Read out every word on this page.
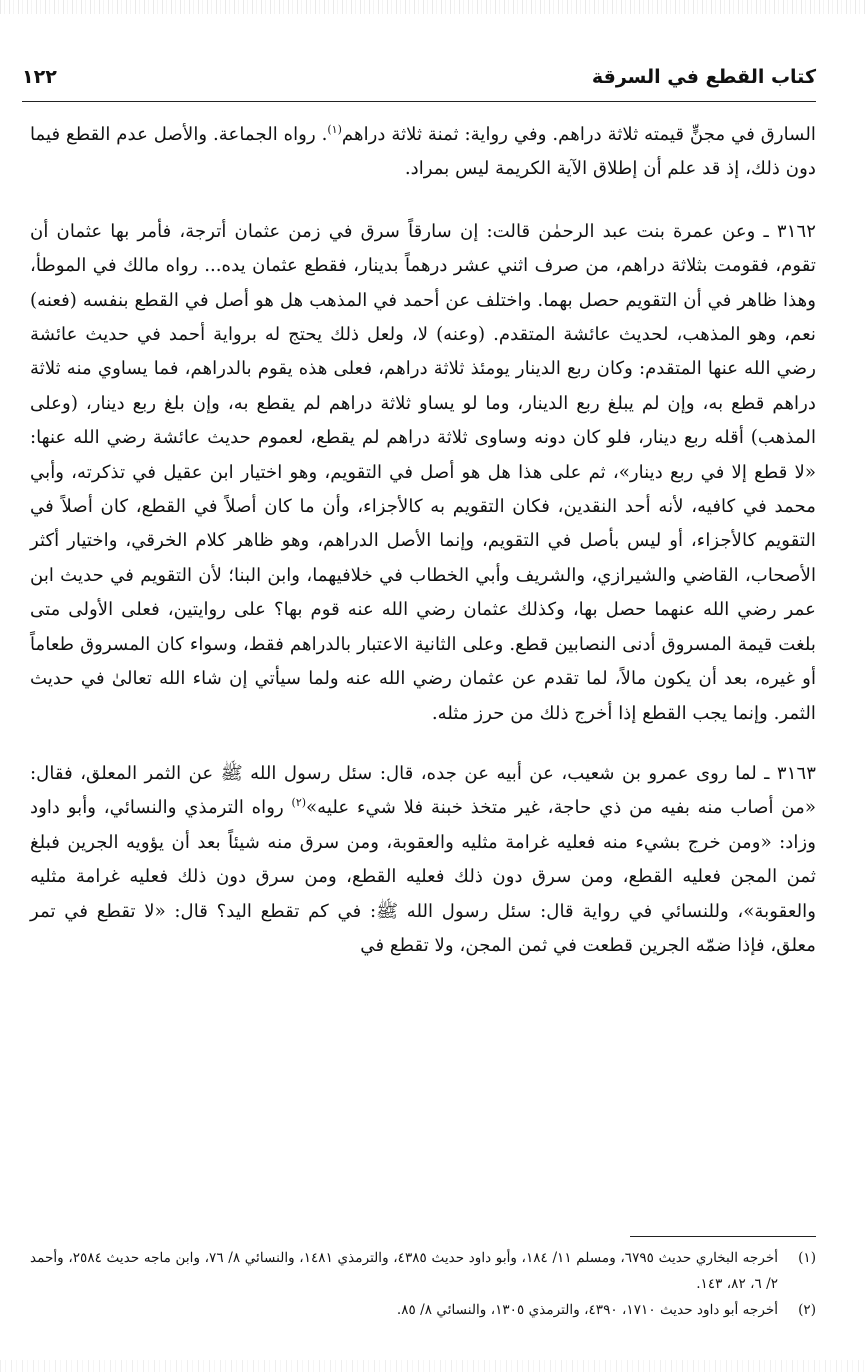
كتاب القطع في السرقة
١٢٢

السارق في مجنٍّ قيمته ثلاثة دراهم. وفي رواية: ثمنة ثلاثة دراهم$^{(١)}$. رواه الجماعة. والأصل عدم القطع فيما دون ذلك، إذ قد علم أن إطلاق الآية الكريمة ليس بمراد.

٣١٦٢ ـ وعن عمرة بنت عبد الرحمٰن قالت: إن سارقاً سرق في زمن عثمان أترجة، فأمر بها عثمان أن تقوم، فقومت بثلاثة دراهم، من صرف اثني عشر درهماً بدينار، فقطع عثمان يده... رواه مالك في الموطأ، وهذا ظاهر في أن التقويم حصل بهما. واختلف عن أحمد في المذهب هل هو أصل في القطع بنفسه (فعنه) نعم، وهو المذهب، لحديث عائشة المتقدم. (وعنه) لا، ولعل ذلك يحتج له برواية أحمد في حديث عائشة رضي الله عنها المتقدم: وكان ربع الدينار يومئذ ثلاثة دراهم، فعلى هذه يقوم بالدراهم، فما يساوي منه ثلاثة دراهم قطع به، وإن لم يبلغ ربع الدينار، وما لو يساو ثلاثة دراهم لم يقطع به، وإن بلغ ربع دينار، (وعلى المذهب) أقله ربع دينار، فلو كان دونه وساوى ثلاثة دراهم لم يقطع، لعموم حديث عائشة رضي الله عنها: «لا قطع إلا في ربع دينار»، ثم على هذا هل هو أصل في التقويم، وهو اختيار ابن عقيل في تذكرته، وأبي محمد في كافيه، لأنه أحد النقدين، فكان التقويم به كالأجزاء، وأن ما كان أصلاً في القطع، كان أصلاً في التقويم كالأجزاء، أو ليس بأصل في التقويم، وإنما الأصل الدراهم، وهو ظاهر كلام الخرقي، واختيار أكثر الأصحاب، القاضي والشيرازي، والشريف وأبي الخطاب في خلافيهما، وابن البنا؛ لأن التقويم في حديث ابن عمر رضي الله عنهما حصل بها، وكذلك عثمان رضي الله عنه قوم بها؟ على روايتين، فعلى الأولى متى بلغت قيمة المسروق أدنى النصابين قطع. وعلى الثانية الاعتبار بالدراهم فقط، وسواء كان المسروق طعاماً أو غيره، بعد أن يكون مالاً، لما تقدم عن عثمان رضي الله عنه ولما سيأتي إن شاء الله تعالىٰ في حديث الثمر. وإنما يجب القطع إذا أخرج ذلك من حرز مثله.

٣١٦٣ ـ لما روى عمرو بن شعيب، عن أبيه عن جده، قال: سئل رسول الله ﷺ عن الثمر المعلق، فقال: «من أصاب منه بفيه من ذي حاجة، غير متخذ خبنة فلا شيء عليه»$^{(٢)}$ رواه الترمذي والنسائي، وأبو داود وزاد: «ومن خرج بشيء منه فعليه غرامة مثليه والعقوبة، ومن سرق منه شيئاً بعد أن يؤويه الجرين فبلغ ثمن المجن فعليه القطع، ومن سرق دون ذلك فعليه القطع، ومن سرق دون ذلك فعليه غرامة مثليه والعقوبة»، وللنسائي في رواية قال: سئل رسول الله ﷺ: في كم تقطع اليد؟ قال: «لا تقطع في تمر معلق، فإذا ضمّه الجرين قطعت في ثمن المجن، ولا تقطع في

(١)
أخرجه البخاري حديث ٦٧٩٥، ومسلم ١١/ ١٨٤، وأبو داود حديث ٤٣٨٥، والترمذي ١٤٨١، والنسائي ٨/ ٧٦، وابن ماجه حديث ٢٥٨٤، وأحمد ٢/ ٦، ٨٢، ١٤٣.
(٢)
أخرجه أبو داود حديث ١٧١٠، ٤٣٩٠، والترمذي ١٣٠٥، والنسائي ٨/ ٨٥.
